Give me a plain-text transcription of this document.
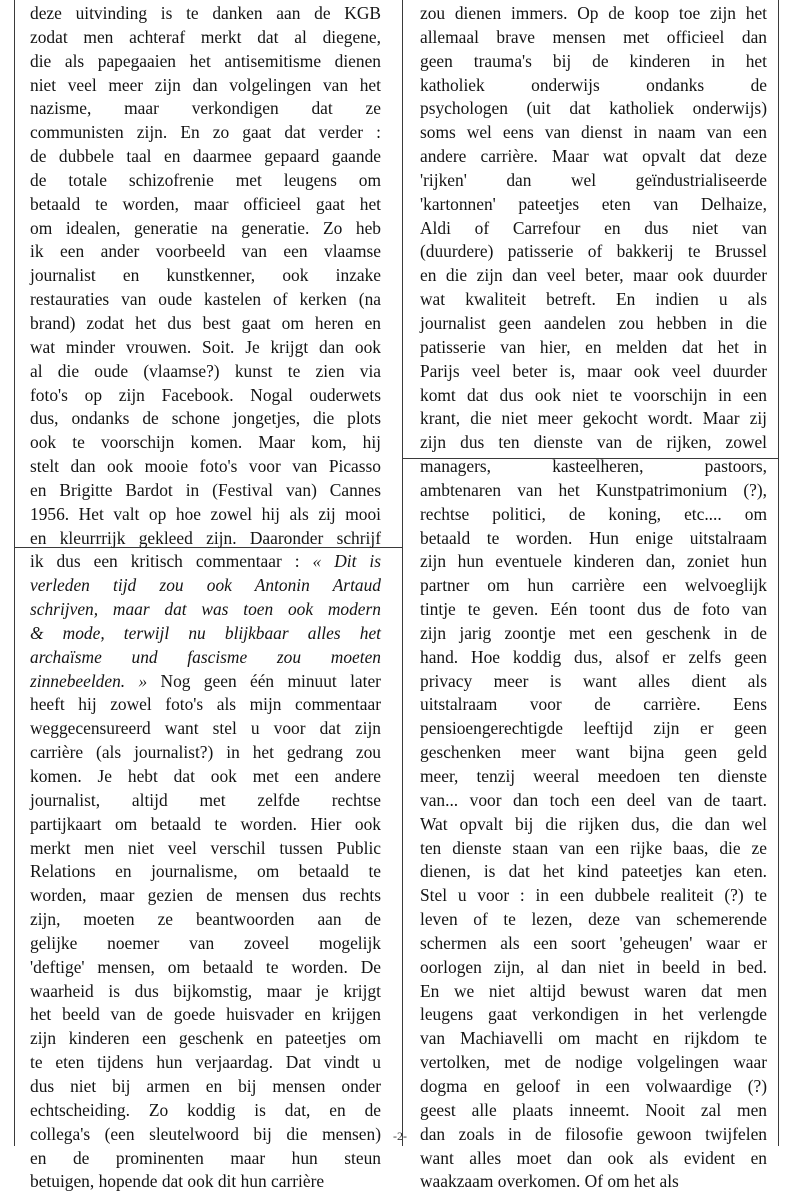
deze uitvinding is te danken aan de KGB
zodat men achteraf merkt dat al diegene,
die als papegaaien het antisemitisme dienen
niet veel meer zijn dan volgelingen van het
nazisme, maar verkondigen dat ze
communisten zijn. En zo gaat dat verder :
de dubbele taal en daarmee gepaard gaande
de totale schizofrenie met leugens om
betaald te worden, maar officieel gaat het
om idealen, generatie na generatie. Zo heb
ik een ander voorbeeld van een vlaamse
journalist en kunstkenner, ook inzake
restauraties van oude kastelen of kerken (na
brand) zodat het dus best gaat om heren en
wat minder vrouwen. Soit. Je krijgt dan ook
al die oude (vlaamse?) kunst te zien via
foto's op zijn Facebook. Nogal ouderwets
dus, ondanks de schone jongetjes, die plots
ook te voorschijn komen. Maar kom, hij
stelt dan ook mooie foto's voor van Picasso
en Brigitte Bardot in (Festival van) Cannes
1956. Het valt op hoe zowel hij als zij mooi
en kleurrrijk gekleed zijn. Daaronder schrijf
ik dus een kritisch commentaar : « Dit is
verleden tijd zou ook Antonin Artaud
schrijven, maar dat was toen ook modern
& mode, terwijl nu blijkbaar alles het
archaïsme und fascisme zou moeten
zinnebeelden. » Nog geen één minuut later
heeft hij zowel foto's als mijn commentaar
weggecensureerd want stel u voor dat zijn
carrière (als journalist?) in het gedrang zou
komen. Je hebt dat ook met een andere
journalist, altijd met zelfde rechtse
partijkaart om betaald te worden. Hier ook
merkt men niet veel verschil tussen Public
Relations en journalisme, om betaald te
worden, maar gezien de mensen dus rechts
zijn, moeten ze beantwoorden aan de
gelijke noemer van zoveel mogelijk
'deftige' mensen, om betaald te worden. De
waarheid is dus bijkomstig, maar je krijgt
het beeld van de goede huisvader en krijgen
zijn kinderen een geschenk en pateetjes om
te eten tijdens hun verjaardag. Dat vindt u
dus niet bij armen en bij mensen onder
echtscheiding. Zo koddig is dat, en de
collega's (een sleutelwoord bij die mensen)
en de prominenten maar hun steun
betuigen, hopende dat ook dit hun carrière
zou dienen immers. Op de koop toe zijn het
allemaal brave mensen met officieel dan
geen trauma's bij de kinderen in het
katholiek onderwijs ondanks de
psychologen (uit dat katholiek onderwijs)
soms wel eens van dienst in naam van een
andere carrière. Maar wat opvalt dat deze
'rijken' dan wel geïndustrialiseerde
'kartonnen' pateetjes eten van Delhaize,
Aldi of Carrefour en dus niet van
(duurdere) patisserie of bakkerij te Brussel
en die zijn dan veel beter, maar ook duurder
wat kwaliteit betreft. En indien u als
journalist geen aandelen zou hebben in die
patisserie van hier, en melden dat het in
Parijs veel beter is, maar ook veel duurder
komt dat dus ook niet te voorschijn in een
krant, die niet meer gekocht wordt. Maar zij
zijn dus ten dienste van de rijken, zowel
managers, kasteelheren, pastoors,
ambtenaren van het Kunstpatrimonium (?),
rechtse politici, de koning, etc.... om
betaald te worden. Hun enige uitstalraam
zijn hun eventuele kinderen dan, zoniet hun
partner om hun carrière een welvoeglijk
tintje te geven. Eén toont dus de foto van
zijn jarig zoontje met een geschenk in de
hand. Hoe koddig dus, alsof er zelfs geen
privacy meer is want alles dient als
uitstalraam voor de carrière. Eens
pensioengerechtigde leeftijd zijn er geen
geschenken meer want bijna geen geld
meer, tenzij weeral meedoen ten dienste
van... voor dan toch een deel van de taart.
Wat opvalt bij die rijken dus, die dan wel
ten dienste staan van een rijke baas, die ze
dienen, is dat het kind pateetjes kan eten.
Stel u voor : in een dubbele realiteit (?) te
leven of te lezen, deze van schemerende
schermen als een soort 'geheugen' waar er
oorlogen zijn, al dan niet in beeld in bed.
En we niet altijd bewust waren dat men
leugens gaat verkondigen in het verlengde
van Machiavelli om macht en rijkdom te
vertolken, met de nodige volgelingen waar
dogma en geloof in een volwaardige (?)
geest alle plaats inneemt. Nooit zal men
dan zoals in de filosofie gewoon twijfelen
want alles moet dan ook als evident en
waakzaam overkomen. Of om het als
-2-
